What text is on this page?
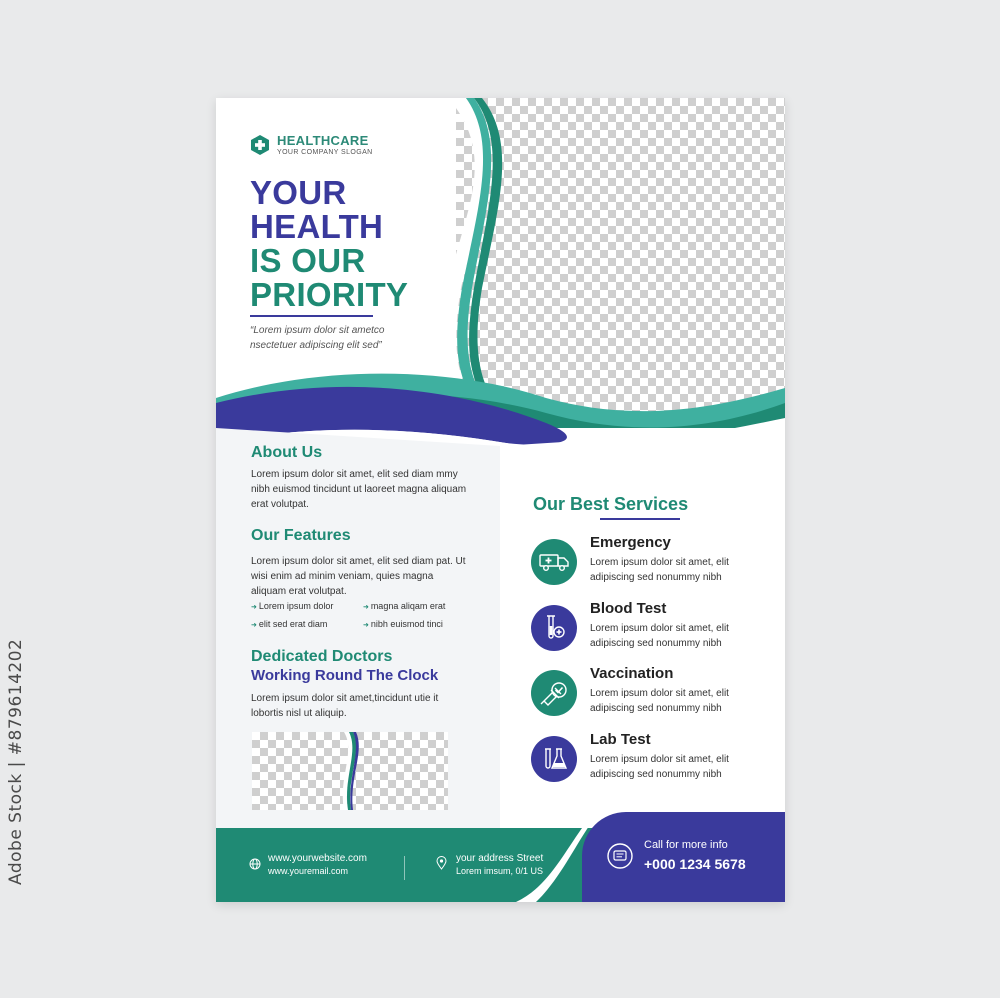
Adobe Stock | #879614202
HEALTHCARE
YOUR COMPANY SLOGAN
YOUR
HEALTH
IS OUR
PRIORITY
“Lorem ipsum dolor sit ametco
nsectetuer adipiscing elit sed”
About Us
Lorem ipsum dolor sit amet, elit sed diam mmy nibh euismod tincidunt ut laoreet magna aliquam erat volutpat.
Our Features
Lorem ipsum dolor sit amet, elit sed diam pat. Ut wisi enim ad minim veniam, quies magna aliquam erat volutpat.
➜ Lorem ipsum dolor	➜ magna aliqam erat
➜ elit sed erat diam	➜ nibh euismod tinci
Dedicated Doctors
Working Round The Clock
Lorem ipsum dolor sit amet,tincidunt utie it lobortis nisl ut aliquip.
Our Best Services
Emergency
Lorem ipsum dolor sit amet, elit adipiscing sed nonummy nibh
Blood Test
Lorem ipsum dolor sit amet, elit adipiscing sed nonummy nibh
Vaccination
Lorem ipsum dolor sit amet, elit adipiscing sed nonummy nibh
Lab Test
Lorem ipsum dolor sit amet, elit adipiscing sed nonummy nibh
www.yourwebsite.com
www.youremail.com
your address Street
Lorem imsum, 0/1 US
Call for more info
+000 1234 5678
